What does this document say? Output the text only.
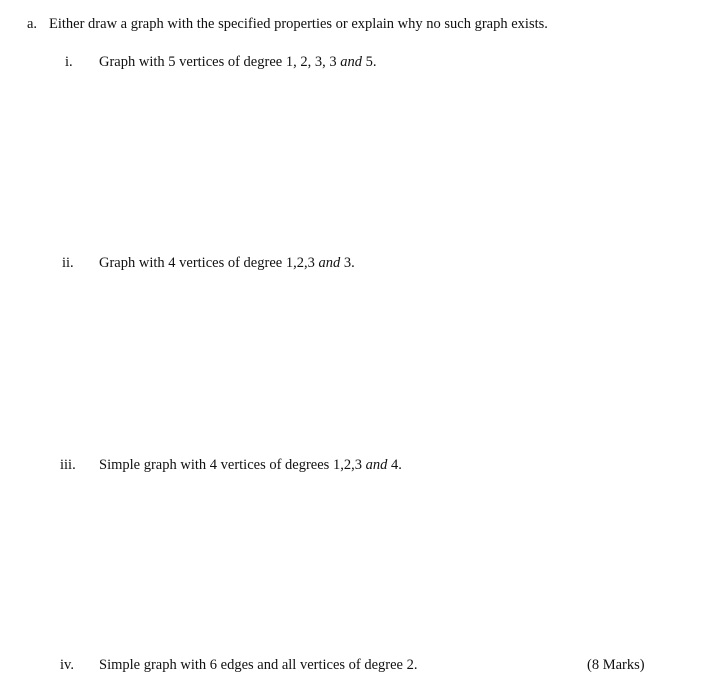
a. Either draw a graph with the specified properties or explain why no such graph exists.
i. Graph with 5 vertices of degree 1, 2, 3, 3 and 5.
ii. Graph with 4 vertices of degree 1,2,3 and 3.
iii. Simple graph with 4 vertices of degrees 1,2,3 and 4.
iv. Simple graph with 6 edges and all vertices of degree 2.	(8 Marks)
